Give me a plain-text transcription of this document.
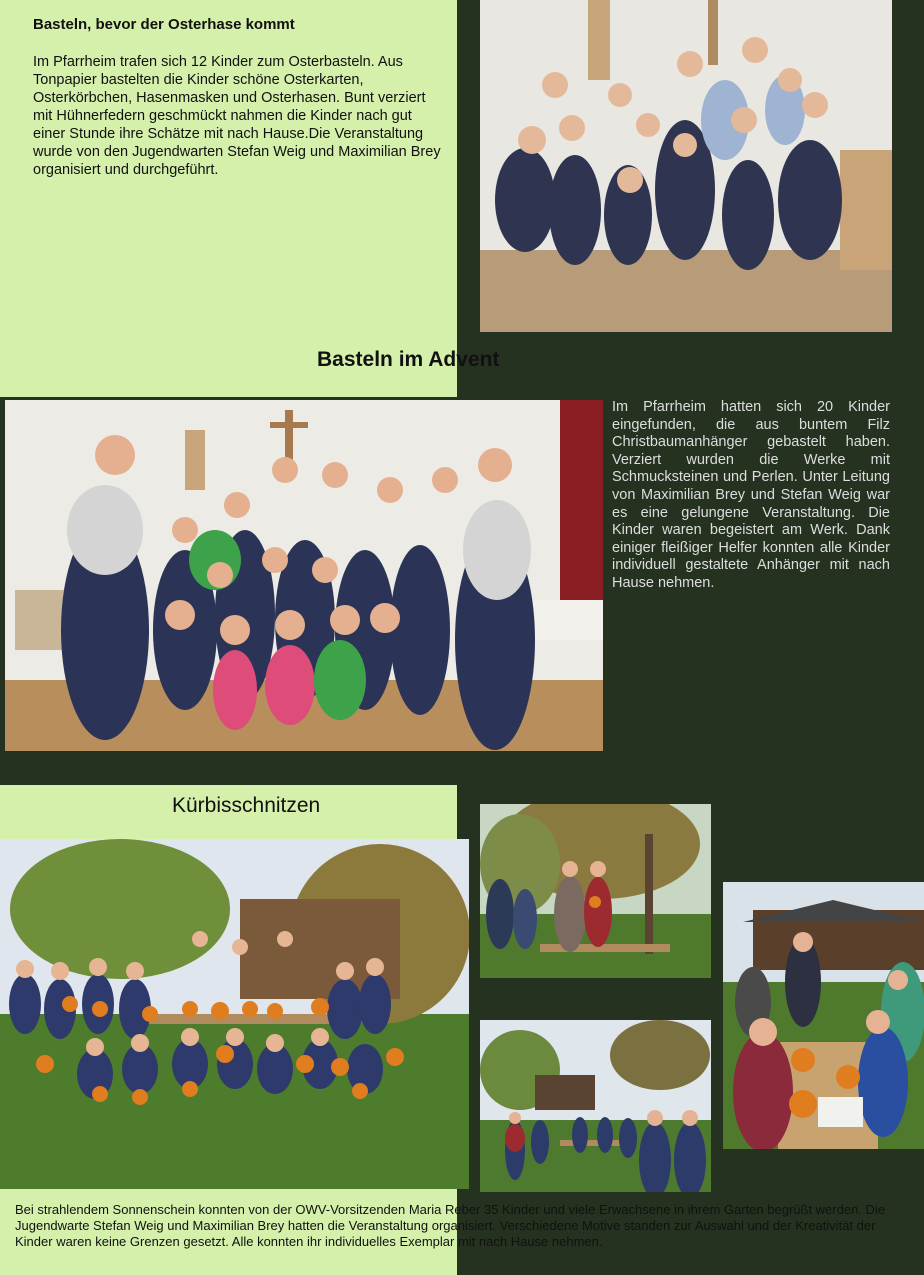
Basteln, bevor der Osterhase kommt
Im Pfarrheim trafen sich 12 Kinder zum Osterbasteln. Aus Tonpapier bastelten die Kinder schöne Osterkarten, Osterkörbchen, Hasenmasken und Osterhasen. Bunt verziert mit Hühnerfedern geschmückt nahmen die Kinder nach gut einer Stunde ihre Schätze mit nach Hause.Die Veranstaltung wurde von den Jugendwarten Stefan Weig und Maximilian Brey organisiert und durchgeführt.
Basteln im Advent
Im Pfarrheim hatten sich 20 Kinder eingefunden, die aus buntem Filz Christbaumanhänger gebastelt haben. Verziert wurden die Werke mit Schmucksteinen und Perlen. Unter Leitung von Maximilian Brey und Stefan Weig war es eine gelungene Veranstaltung. Die Kinder waren begeistert am Werk. Dank einiger fleißiger Helfer konnten alle Kinder individuell gestaltete Anhänger mit nach Hause nehmen.
Kürbisschnitzen
Bei strahlendem Sonnenschein konnten von der OWV-Vorsitzenden Maria Reber 35 Kinder und viele Erwachsene in ihrem Garten begrüßt werden. Die Jugendwarte Stefan Weig und Maximilian Brey hatten die Veranstaltung organisiert. Verschiedene Motive standen zur Auswahl und der Kreativität der Kinder waren keine Grenzen gesetzt. Alle konnten ihr individuelles Exemplar mit nach Hause nehmen.
